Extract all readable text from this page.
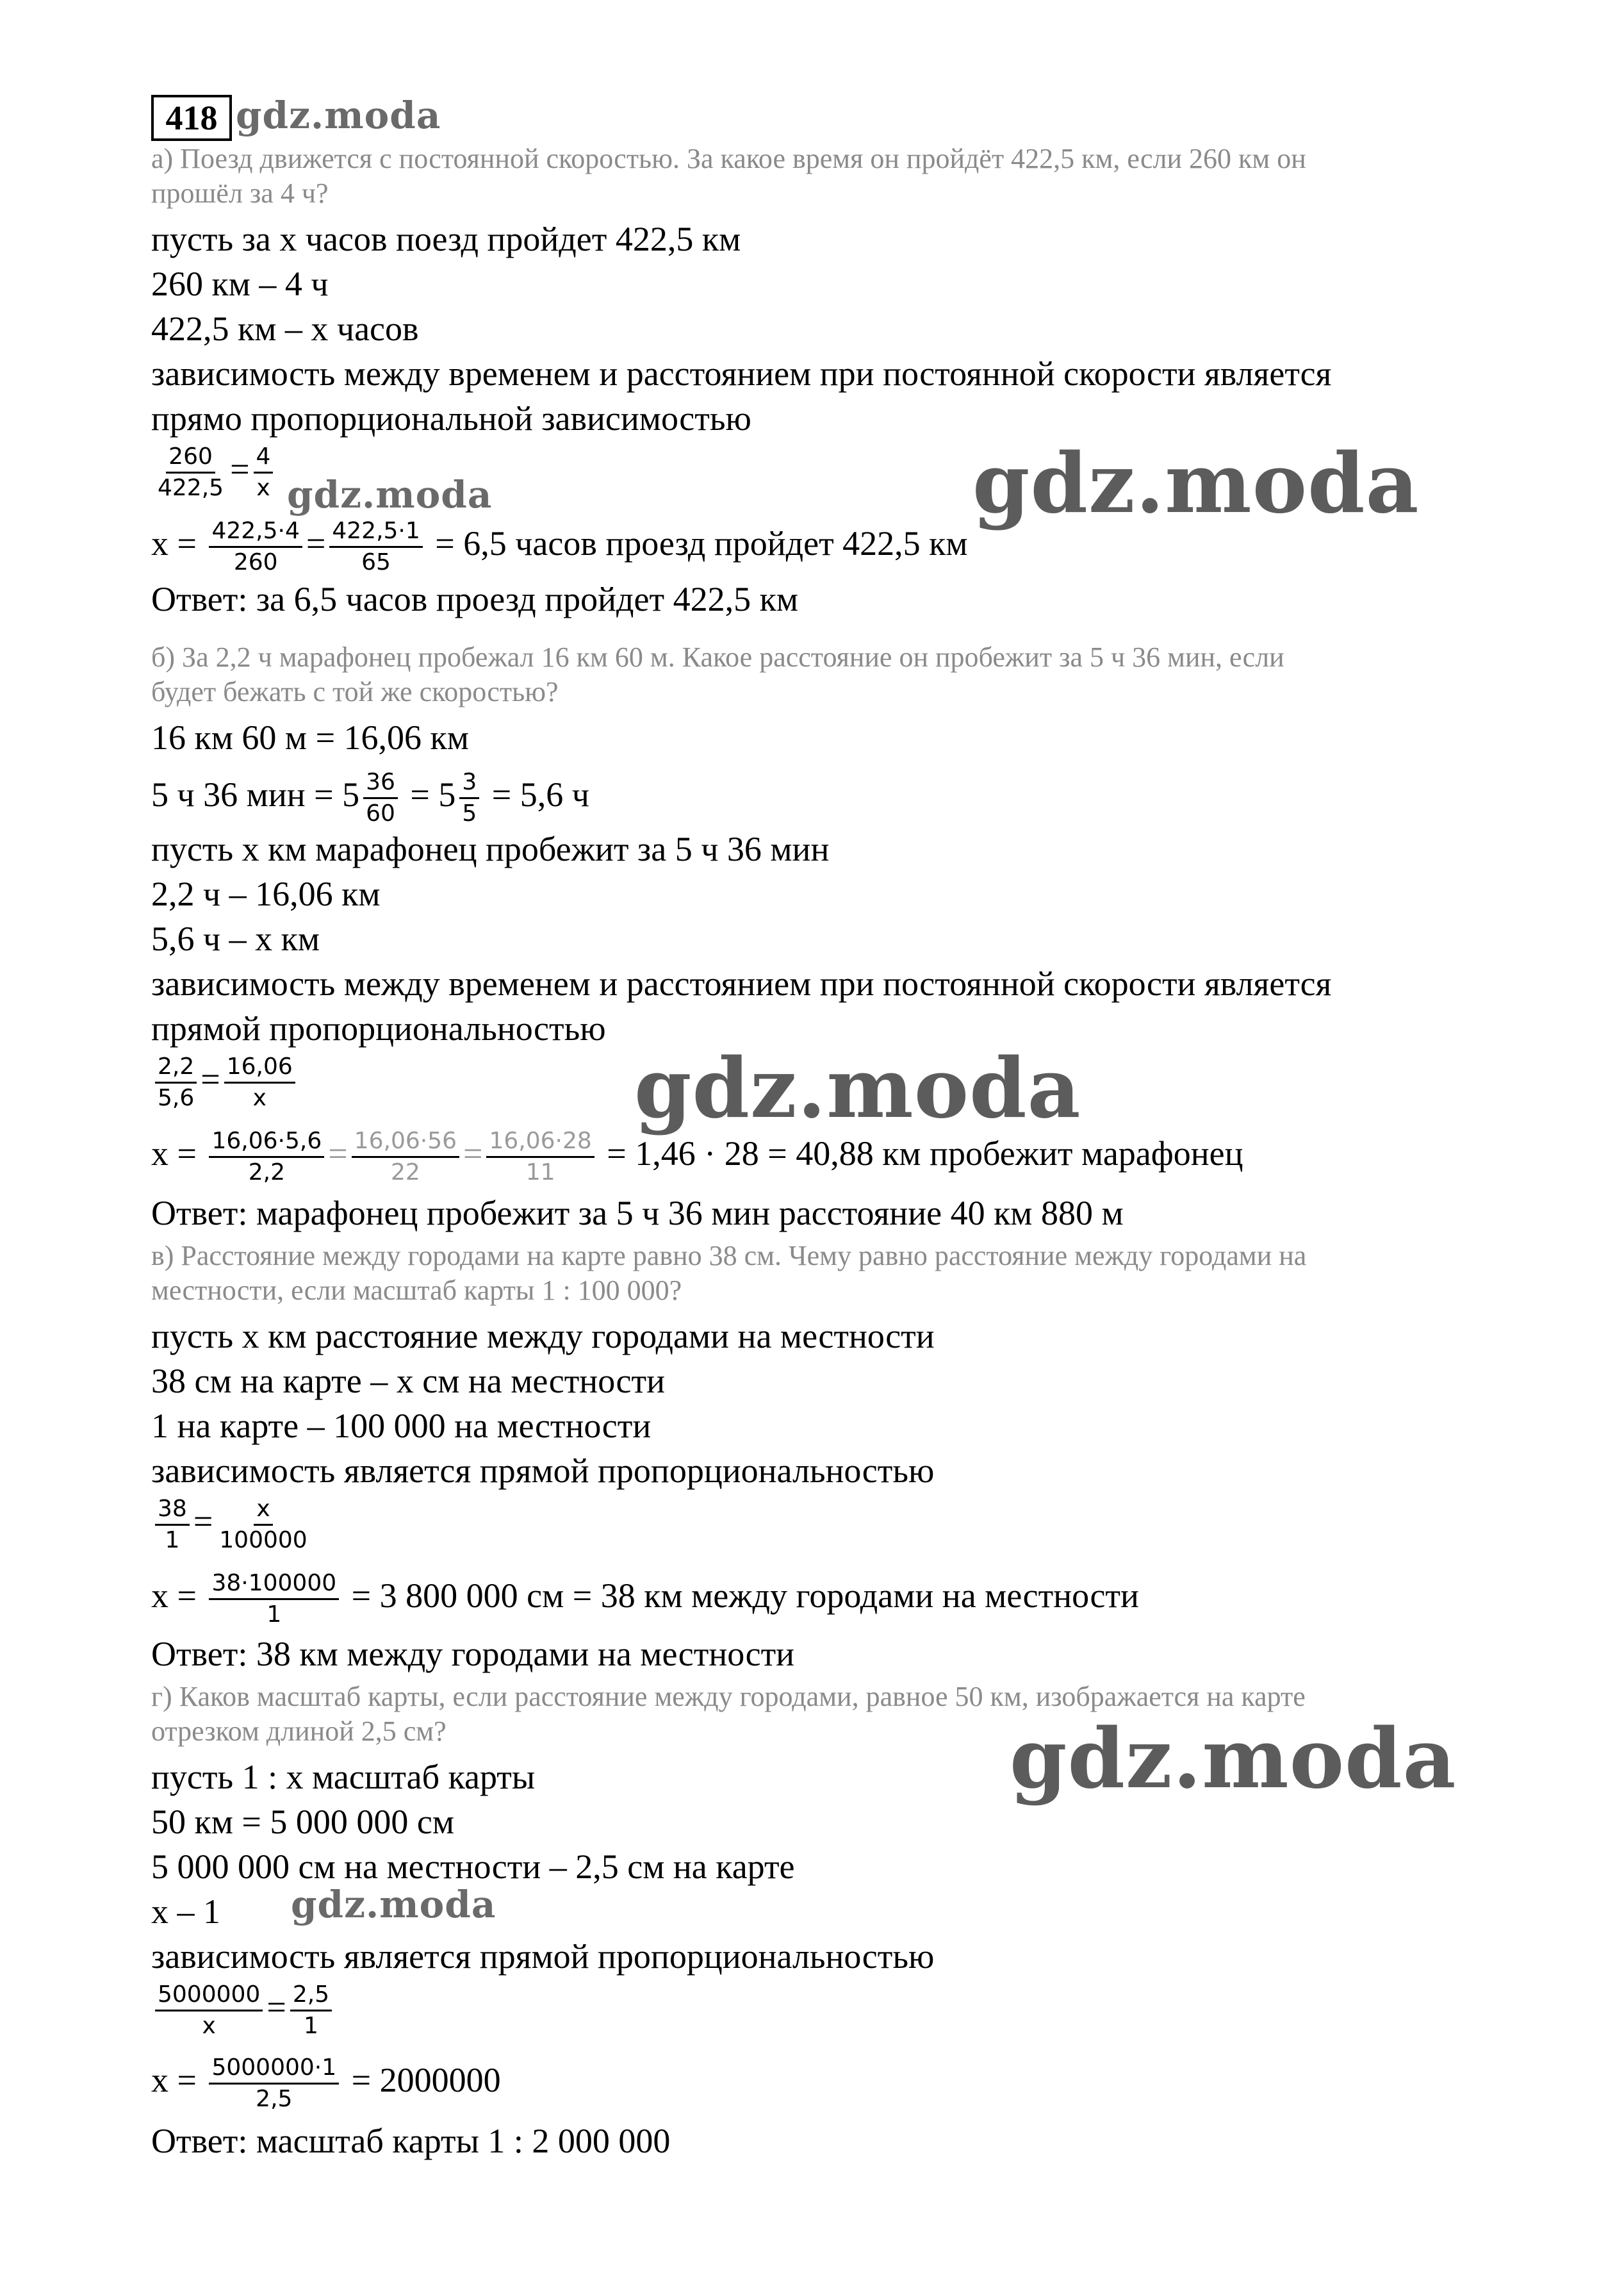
418 gdz.moda
а) Поезд движется с постоянной скоростью. За какое время он пройдёт 422,5 км, если 260 км он
прошёл за 4 ч?
пусть за х часов поезд пройдет 422,5 км
260 км – 4 ч
422,5 км – х часов
зависимость между временем и расстоянием при постоянной скорости является
прямо пропорциональной зависимостью
$\frac{260}{422,5} = \frac{4}{x}$ gdz.moda	gdz.moda
$х = \frac{422,5\cdot 4}{260} = \frac{422,5\cdot 1}{65} = 6,5$ часов проезд пройдет 422,5 км
Ответ: за 6,5 часов проезд пройдет 422,5 км
б) За 2,2 ч марафонец пробежал 16 км 60 м. Какое расстояние он пробежит за 5 ч 36 мин, если
будет бежать с той же скоростью?
16 км 60 м = 16,06 км
5 ч 36 мин = $5 \frac{36}{60} = 5 \frac{3}{5} = 5,6$ ч
пусть х км марафонец пробежит за 5 ч 36 мин
2,2 ч – 16,06 км
5,6 ч – х км
зависимость между временем и расстоянием при постоянной скорости является
прямой пропорциональностью
$\frac{2,2}{5,6} = \frac{16,06}{x}$	gdz.moda
$х = \frac{16,06\cdot 5,6}{2,2} = \frac{16,06\cdot 56}{22} = \frac{16,06\cdot 28}{11} = 1,46 \cdot 28 = 40,88$ км пробежит марафонец
Ответ: марафонец пробежит за 5 ч 36 мин расстояние 40 км 880 м
в) Расстояние между городами на карте равно 38 см. Чему равно расстояние между городами на
местности, если масштаб карты 1 : 100 000?
пусть х км расстояние между городами на местности
38 см на карте – х см на местности
1 на карте – 100 000 на местности
зависимость является прямой пропорциональностью
$\frac{38}{1} = \frac{x}{100000}$
$х = \frac{38\cdot 100000}{1} = 3$ 800 000 см = 38 км между городами на местности
Ответ: 38 км между городами на местности
г) Каков масштаб карты, если расстояние между городами, равное 50 км, изображается на карте
отрезком длиной 2,5 см?	gdz.moda
пусть 1 : х масштаб карты
50 км = 5 000 000 см
5 000 000 см на местности – 2,5 см на карте
х – 1 gdz.moda
зависимость является прямой пропорциональностью
$\frac{5000000}{x} = \frac{2,5}{1}$
$х = \frac{5000000\cdot 1}{2,5} = 2000000$
Ответ: масштаб карты 1 : 2 000 000
